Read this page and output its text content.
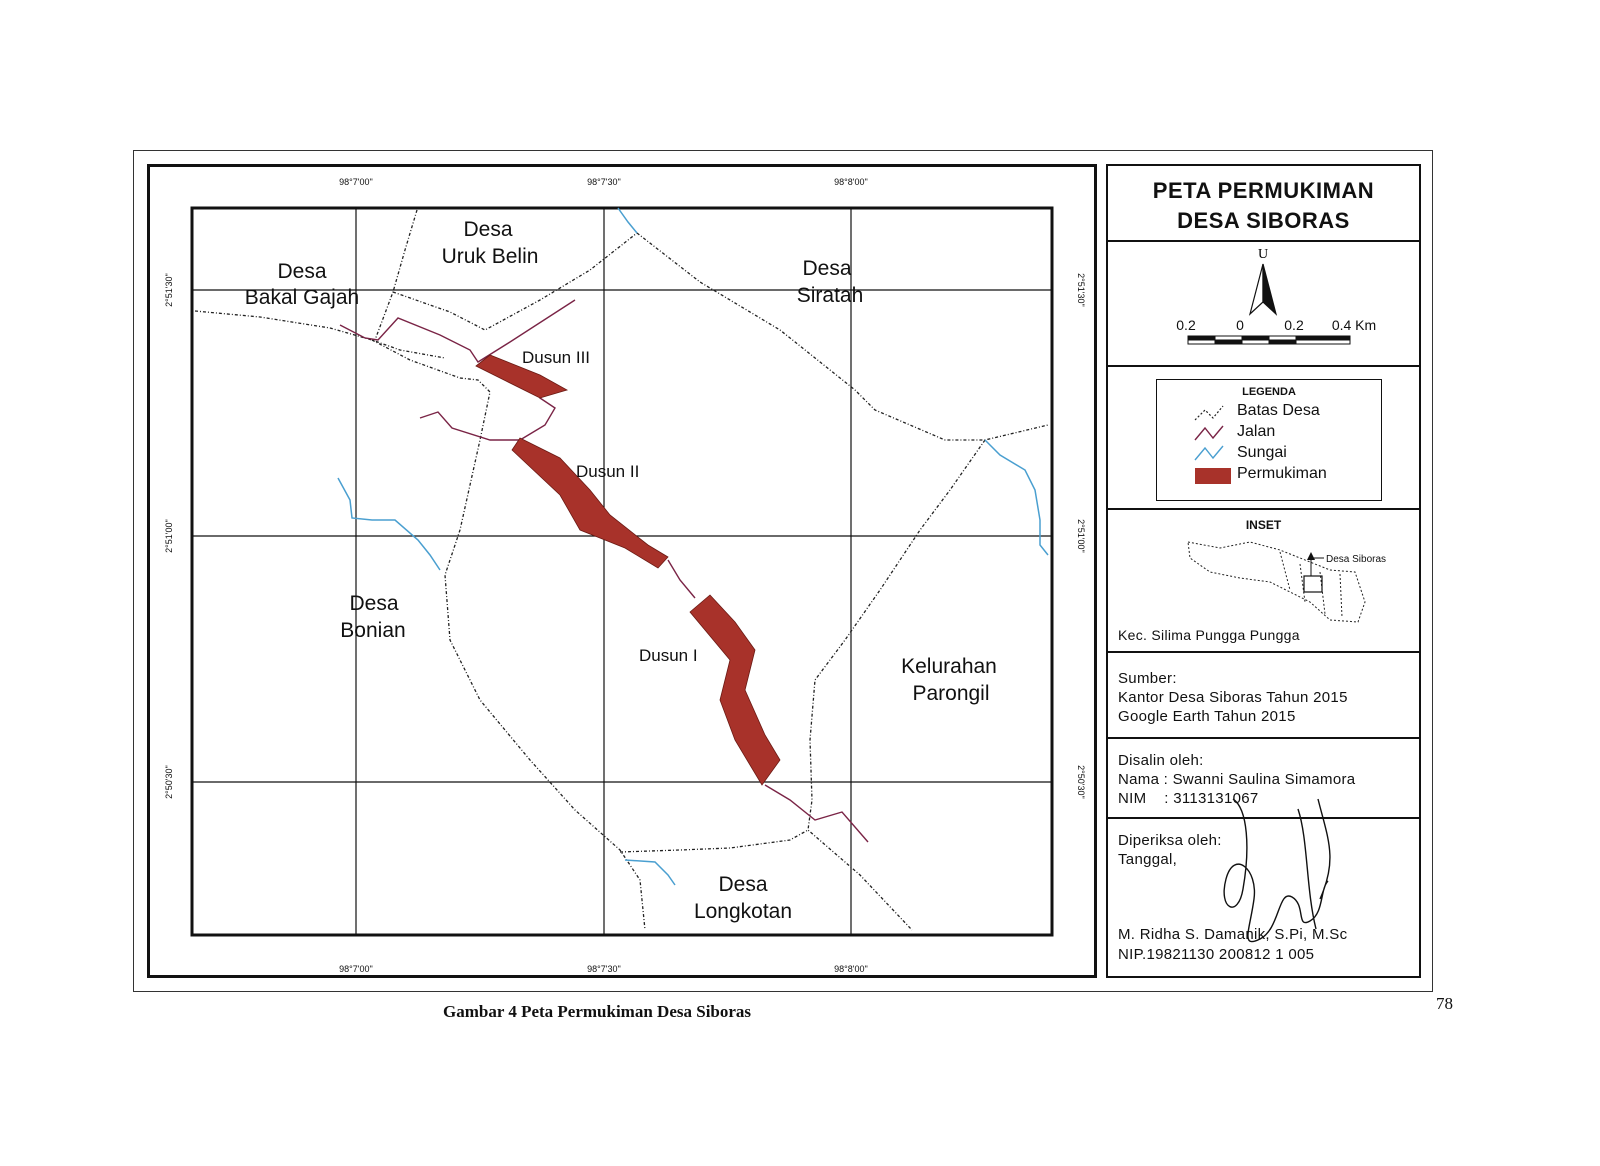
98°7'00''	98°7'30''	98°8'00''
98°7'00''	98°7'30''	98°8'00''
2°51'30''
2°51'00''
2°50'30''
2°51'30''
2°51'00''
2°50'30''
Desa
Uruk Belin
Desa
Bakal Gajah
Desa
Siratah
Desa
Bonian
Kelurahan
Parongil
Desa
Longkotan
Dusun III
Dusun II
Dusun I
PETA PERMUKIMAN
DESA SIBORAS
U
0.2	0	0.2 0.4 Km
LEGENDA
Batas Desa
Jalan
Sungai
Permukiman
INSET
Desa Siboras
Kec. Silima Pungga Pungga
Sumber:
Kantor Desa Siboras Tahun 2015
Google Earth Tahun 2015
Disalin oleh:
Nama : Swanni Saulina Simamora
NIM    : 3113131067
Diperiksa oleh:
Tanggal,
M. Ridha S. Damanik, S.Pi, M.Sc
NIP.19821130 200812 1 005
Gambar 4 Peta Permukiman Desa Siboras	78
